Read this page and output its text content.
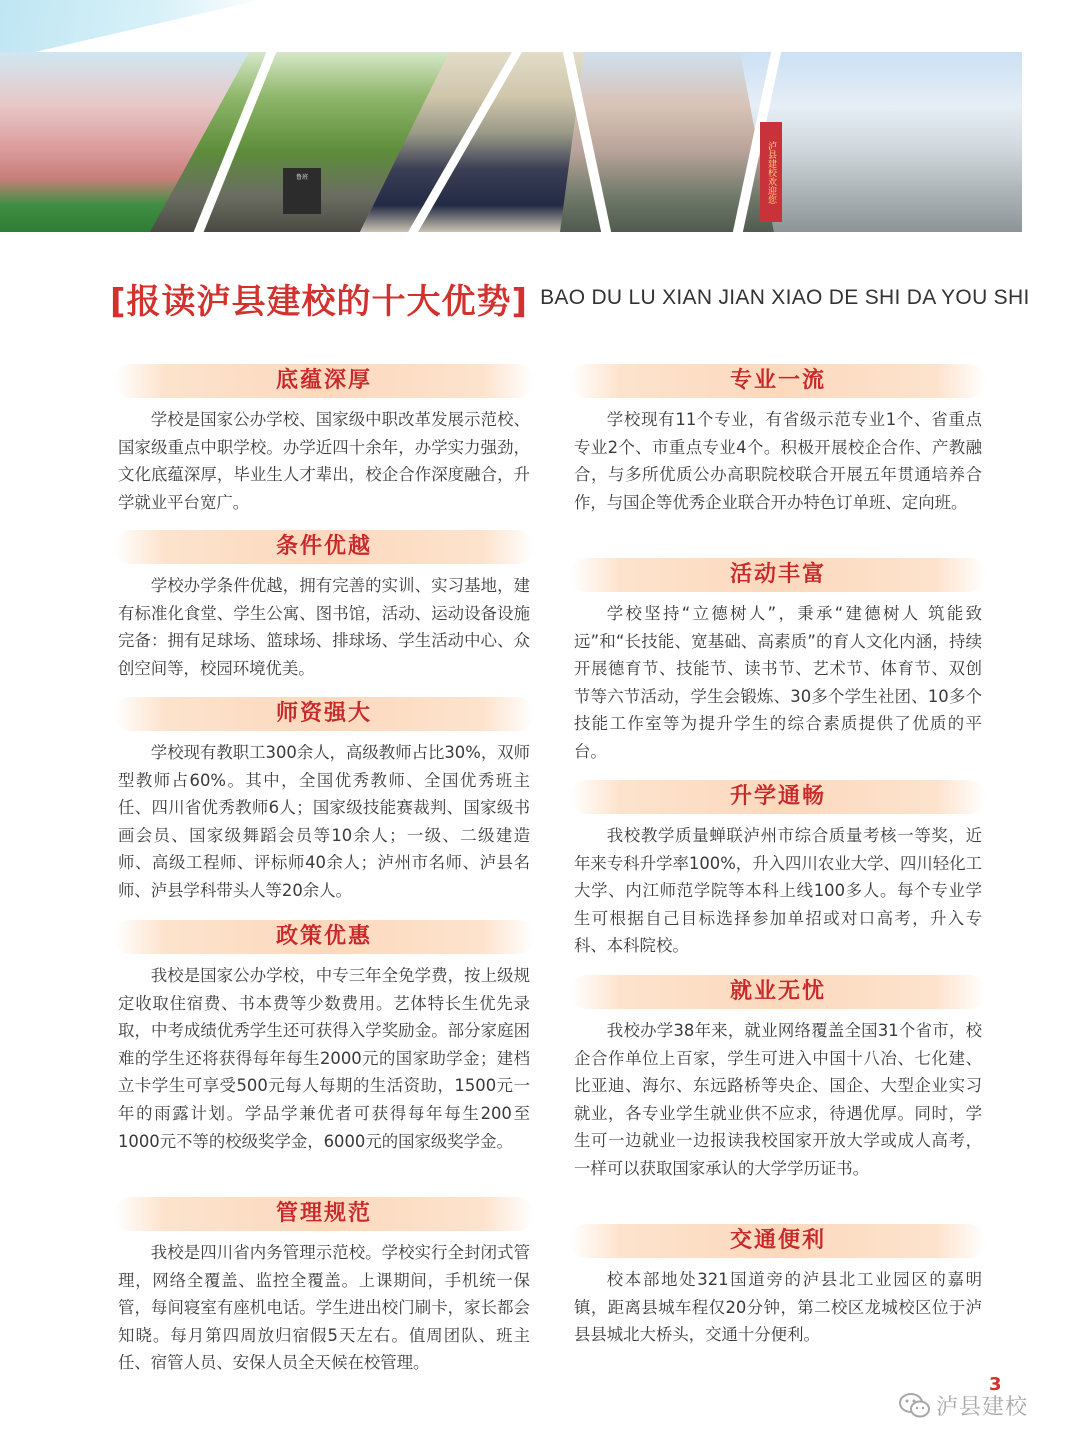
鲁班	泸县建校欢迎您
[报读泸县建校的十大优势] BAO DU LU XIAN JIAN XIAO DE SHI DA YOU SHI
底蕴深厚

学校是国家公办学校、国家级中职改革发展示范校、国家级重点中职学校。办学近四十余年，办学实力强劲，文化底蕴深厚，毕业生人才辈出，校企合作深度融合，升学就业平台宽广。

条件优越

学校办学条件优越，拥有完善的实训、实习基地，建有标准化食堂、学生公寓、图书馆，活动、运动设备设施完备：拥有足球场、篮球场、排球场、学生活动中心、众创空间等，校园环境优美。

师资强大

学校现有教职工300余人，高级教师占比30%，双师型教师占60%。其中，全国优秀教师、全国优秀班主任、四川省优秀教师6人；国家级技能赛裁判、国家级书画会员、国家级舞蹈会员等10余人；一级、二级建造师、高级工程师、评标师40余人；泸州市名师、泸县名师、泸县学科带头人等20余人。

政策优惠

我校是国家公办学校，中专三年全免学费，按上级规定收取住宿费、书本费等少数费用。艺体特长生优先录取，中考成绩优秀学生还可获得入学奖励金。部分家庭困难的学生还将获得每年每生2000元的国家助学金；建档立卡学生可享受500元每人每期的生活资助，1500元一年的雨露计划。学品学兼优者可获得每年每生200至1000元不等的校级奖学金，6000元的国家级奖学金。

管理规范

我校是四川省内务管理示范校。学校实行全封闭式管理，网络全覆盖、监控全覆盖。上课期间，手机统一保管，每间寝室有座机电话。学生进出校门刷卡，家长都会知晓。每月第四周放归宿假5天左右。值周团队、班主任、宿管人员、安保人员全天候在校管理。

专业一流

学校现有11个专业，有省级示范专业1个、省重点专业2个、市重点专业4个。积极开展校企合作、产教融合，与多所优质公办高职院校联合开展五年贯通培养合作，与国企等优秀企业联合开办特色订单班、定向班。

活动丰富

学校坚持“立德树人”，秉承“建德树人 筑能致远”和“长技能、宽基础、高素质”的育人文化内涵，持续开展德育节、技能节、读书节、艺术节、体育节、双创节等六节活动，学生会锻炼、30多个学生社团、10多个技能工作室等为提升学生的综合素质提供了优质的平台。

升学通畅

我校教学质量蝉联泸州市综合质量考核一等奖，近年来专科升学率100%，升入四川农业大学、四川轻化工大学、内江师范学院等本科上线100多人。每个专业学生可根据自己目标选择参加单招或对口高考，升入专科、本科院校。

就业无忧

我校办学38年来，就业网络覆盖全国31个省市，校企合作单位上百家，学生可进入中国十八冶、七化建、比亚迪、海尔、东远路桥等央企、国企、大型企业实习就业，各专业学生就业供不应求，待遇优厚。同时，学生可一边就业一边报读我校国家开放大学或成人高考，一样可以获取国家承认的大学学历证书。

交通便利

校本部地处321国道旁的泸县北工业园区的嘉明镇，距离县城车程仅20分钟，第二校区龙城校区位于泸县县城北大桥头，交通十分便利。

3
泸县建校
